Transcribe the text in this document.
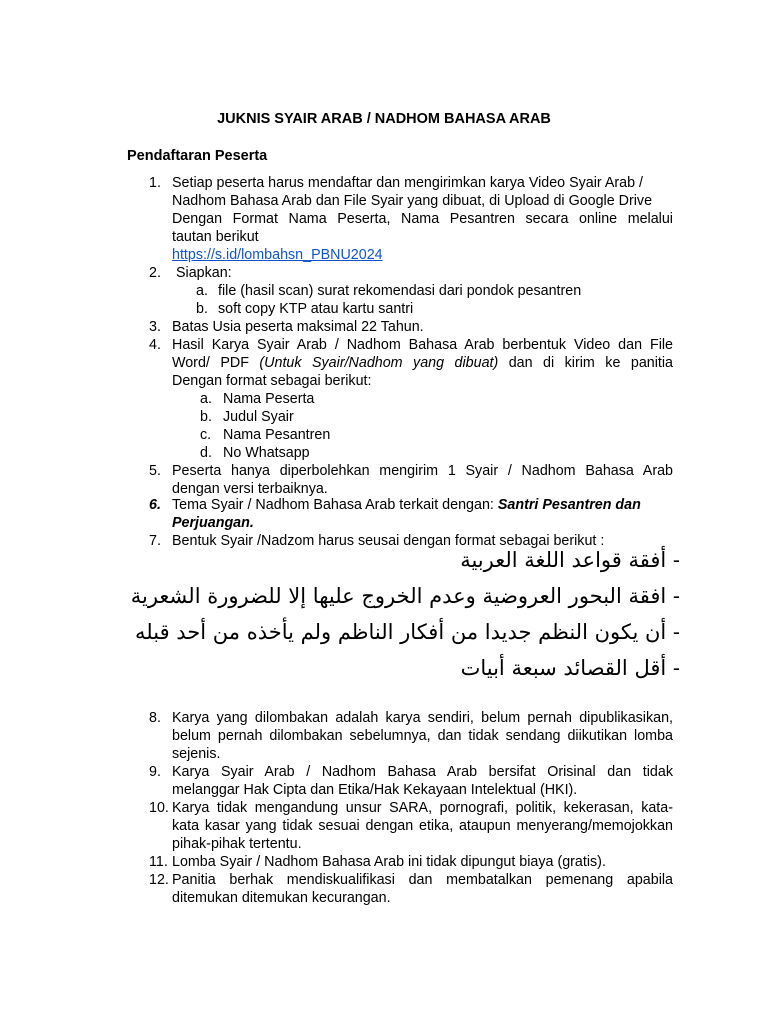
JUKNIS SYAIR ARAB / NADHOM BAHASA ARAB
Pendaftaran Peserta
1. Setiap peserta harus mendaftar dan mengirimkan karya Video Syair Arab /
Nadhom Bahasa Arab dan File Syair yang dibuat, di Upload di Google Drive
Dengan Format Nama Peserta, Nama Pesantren secara online melalui
tautan berikut
https://s.id/lombahsn_PBNU2024
2. Siapkan:
a. file (hasil scan) surat rekomendasi dari pondok pesantren
b. soft copy KTP atau kartu santri
3. Batas Usia peserta maksimal 22 Tahun.
4. Hasil Karya Syair Arab / Nadhom Bahasa Arab berbentuk Video dan File
Word/ PDF (Untuk Syair/Nadhom yang dibuat) dan di kirim ke panitia
Dengan format sebagai berikut:
a. Nama Peserta
b. Judul Syair
c. Nama Pesantren
d. No Whatsapp
5. Peserta hanya diperbolehkan mengirim 1 Syair / Nadhom Bahasa Arab
dengan versi terbaiknya.
6. Tema Syair / Nadhom Bahasa Arab terkait dengan: Santri Pesantren dan
Perjuangan.
7. Bentuk Syair /Nadzom harus seusai dengan format sebagai berikut :
- أفقة قواعد اللغة العربية
- افقة البحور العروضية وعدم الخروج عليها إلا للضرورة الشعرية
- أن يكون النظم جديدا من أفكار الناظم ولم يأخذه من أحد قبله
- أقل القصائد سبعة أبيات
8. Karya yang dilombakan adalah karya sendiri, belum pernah dipublikasikan,
belum pernah dilombakan sebelumnya, dan tidak sendang diikutikan lomba
sejenis.
9. Karya Syair Arab / Nadhom Bahasa Arab bersifat Orisinal dan tidak
melanggar Hak Cipta dan Etika/Hak Kekayaan Intelektual (HKI).
10. Karya tidak mengandung unsur SARA, pornografi, politik, kekerasan, kata-
kata kasar yang tidak sesuai dengan etika, ataupun menyerang/memojokkan
pihak-pihak tertentu.
11. Lomba Syair / Nadhom Bahasa Arab ini tidak dipungut biaya (gratis).
12. Panitia berhak mendiskualifikasi dan membatalkan pemenang apabila
ditemukan ditemukan kecurangan.
